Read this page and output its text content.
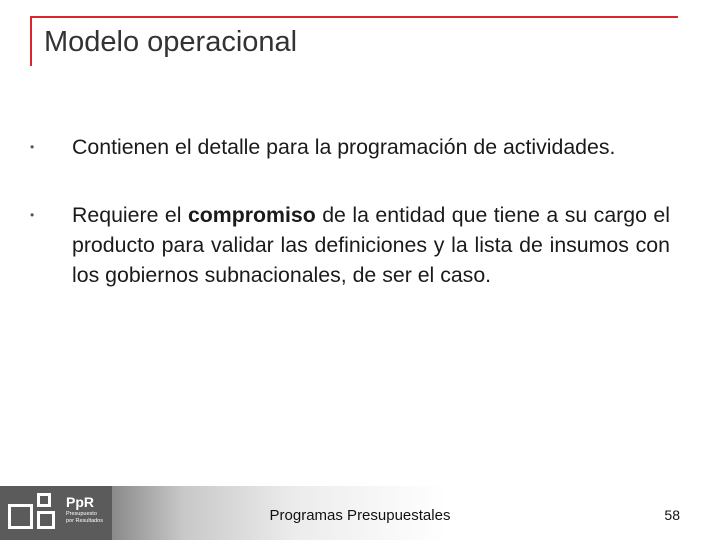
Modelo operacional
• Contienen el detalle para la programación de actividades.
• Requiere el compromiso de la entidad que tiene a su cargo el producto para validar las definiciones y la lista de insumos con los gobiernos subnacionales, de ser el caso.
PpR
Presupuesto
por Resultados	Programas Presupuestales	58
